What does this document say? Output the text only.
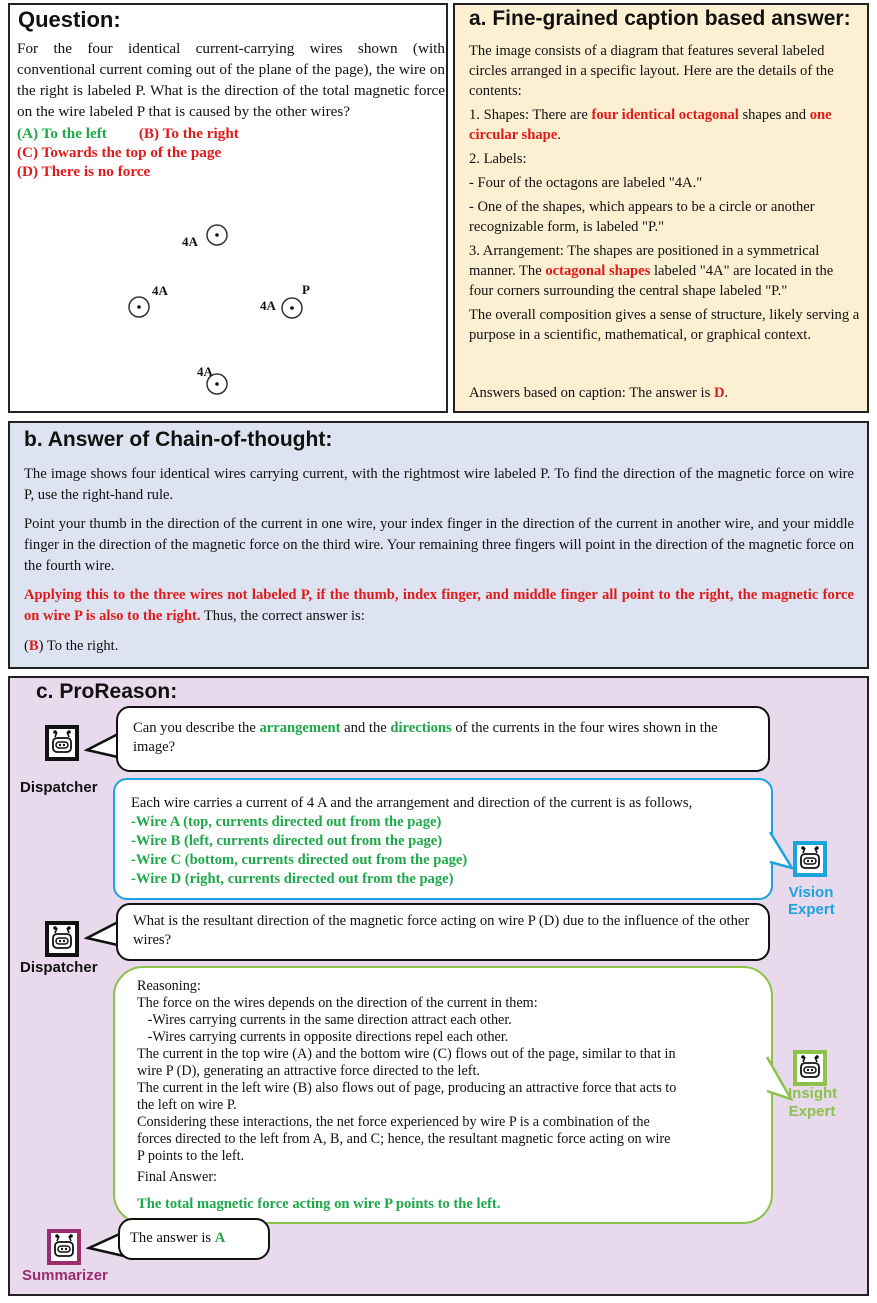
Question:

For the four identical current-carrying wires shown (with conventional current coming out of the plane of the page), the wire on the right is labeled P. What is the direction of the total magnetic force on the wire labeled P that is caused by the other wires?

(A) To the left (B) To the right
(C) Towards the top of the page
(D) There is no force
4A
4A
4A
P
4A
a. Fine-grained caption based answer:

The image consists of a diagram that features several labeled circles arranged in a specific layout. Here are the details of the contents:

1. Shapes: There are four identical octagonal shapes and one circular shape.

2. Labels:

- Four of the octagons are labeled "4A."

- One of the shapes, which appears to be a circle or another recognizable form, is labeled "P."

3. Arrangement: The shapes are positioned in a symmetrical manner. The octagonal shapes labeled "4A" are located in the four corners surrounding the central shape labeled "P."

The overall composition gives a sense of structure, likely serving a purpose in a scientific, mathematical, or graphical context.

Answers based on caption: The answer is D.
b. Answer of Chain-of-thought:

The image shows four identical wires carrying current, with the rightmost wire labeled P. To find the direction of the magnetic force on wire P, use the right-hand rule.

Point your thumb in the direction of the current in one wire, your index finger in the direction of the current in another wire, and your middle finger in the direction of the magnetic force on the third wire. Your remaining three fingers will point in the direction of the magnetic force on the fourth wire.

Applying this to the three wires not labeled P, if the thumb, index finger, and middle finger all point to the right, the magnetic force on wire P is also to the right. Thus, the correct answer is:

(B) To the right.
c. ProReason:
Dispatcher
Can you describe the arrangement and the directions of the currents in the four wires shown in the image?
Each wire carries a current of 4 A and the arrangement and direction of the current is as follows,
-Wire A (top, currents directed out from the page)
-Wire B (left, currents directed out from the page)
-Wire C (bottom, currents directed out from the page)
-Wire D (right, currents directed out from the page)
Vision
Expert
Dispatcher
What is the resultant direction of the magnetic force acting on wire P (D) due to the influence of the other wires?
Reasoning:
The force on the wires depends on the direction of the current in them:
-Wires carrying currents in the same direction attract each other.
-Wires carrying currents in opposite directions repel each other.
The current in the top wire (A) and the bottom wire (C) flows out of the page, similar to that in
wire P (D), generating an attractive force directed to the left.
The current in the left wire (B) also flows out of page, producing an attractive force that acts to
the left on wire P.
Considering these interactions, the net force experienced by wire P is a combination of the
forces directed to the left from A, B, and C; hence, the resultant magnetic force acting on wire
P points to the left.
Final Answer:
The total magnetic force acting on wire P points to the left.
Insight
Expert
Summarizer
The answer is A
